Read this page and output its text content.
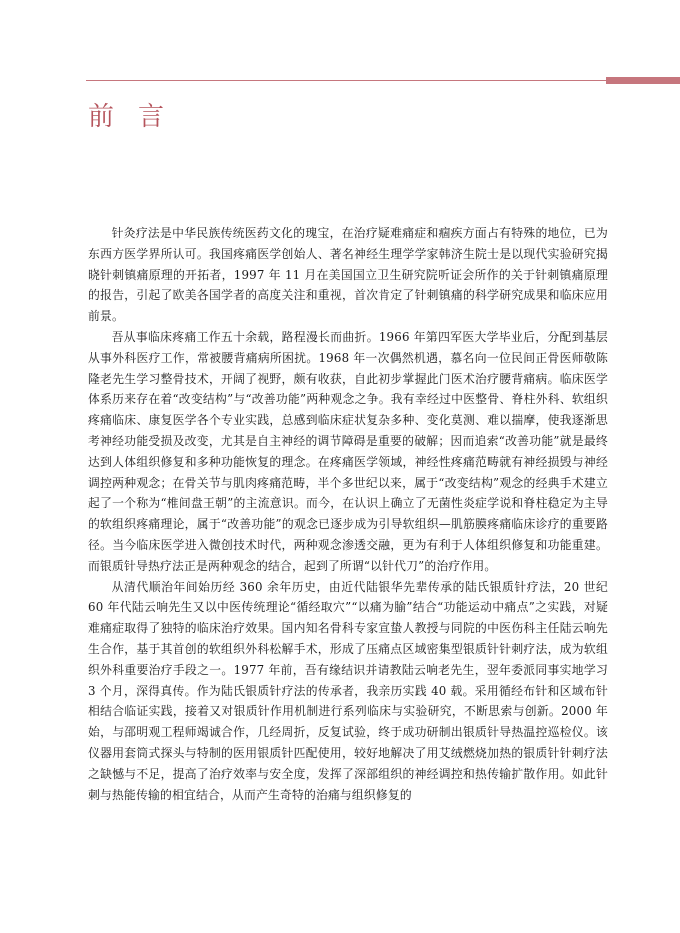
前言

针灸疗法是中华民族传统医药文化的瑰宝，在治疗疑难痛症和痼疾方面占有特殊的地位，已为东西方医学界所认可。我国疼痛医学创始人、著名神经生理学学家韩济生院士是以现代实验研究揭晓针刺镇痛原理的开拓者，1997 年 11 月在美国国立卫生研究院听证会所作的关于针刺镇痛原理的报告，引起了欧美各国学者的高度关注和重视，首次肯定了针刺镇痛的科学研究成果和临床应用前景。

吾从事临床疼痛工作五十余载，路程漫长而曲折。1966 年第四军医大学毕业后，分配到基层从事外科医疗工作，常被腰背痛病所困扰。1968 年一次偶然机遇，慕名向一位民间正骨医师敬陈隆老先生学习整骨技术，开阔了视野，颇有收获，自此初步掌握此门医术治疗腰背痛病。临床医学体系历来存在着“改变结构”与“改善功能”两种观念之争。我有幸经过中医整骨、脊柱外科、软组织疼痛临床、康复医学各个专业实践，总感到临床症状复杂多种、变化莫测、难以揣摩，使我逐渐思考神经功能受损及改变，尤其是自主神经的调节障碍是重要的破解；因而追索“改善功能”就是最终达到人体组织修复和多种功能恢复的理念。在疼痛医学领域，神经性疼痛范畴就有神经损毁与神经调控两种观念；在骨关节与肌肉疼痛范畴，半个多世纪以来，属于“改变结构”观念的经典手术建立起了一个称为“椎间盘王朝”的主流意识。而今，在认识上确立了无菌性炎症学说和脊柱稳定为主导的软组织疼痛理论，属于“改善功能”的观念已逐步成为引导软组织—肌筋膜疼痛临床诊疗的重要路径。当今临床医学进入微创技术时代，两种观念渗透交融，更为有利于人体组织修复和功能重建。而银质针导热疗法正是两种观念的结合，起到了所谓“以针代刀”的治疗作用。

从清代顺治年间始历经 360 余年历史，由近代陆银华先辈传承的陆氏银质针疗法，20 世纪 60 年代陆云响先生又以中医传统理论“循经取穴”“以痛为腧”结合“功能运动中痛点”之实践，对疑难痛症取得了独特的临床治疗效果。国内知名骨科专家宣蛰人教授与同院的中医伤科主任陆云响先生合作，基于其首创的软组织外科松解手术，形成了压痛点区域密集型银质针针刺疗法，成为软组织外科重要治疗手段之一。1977 年前，吾有缘结识并请教陆云响老先生，翌年委派同事实地学习 3 个月，深得真传。作为陆氏银质针疗法的传承者，我亲历实践 40 载。采用循经布针和区域布针相结合临证实践，接着又对银质针作用机制进行系列临床与实验研究，不断思索与创新。2000 年始，与邵明观工程师竭诚合作，几经周折，反复试验，终于成功研制出银质针导热温控巡检仪。该仪器用套筒式探头与特制的医用银质针匹配使用，较好地解决了用艾绒燃烧加热的银质针针刺疗法之缺憾与不足，提高了治疗效率与安全度，发挥了深部组织的神经调控和热传输扩散作用。如此针刺与热能传输的相宜结合，从而产生奇特的治痛与组织修复的
